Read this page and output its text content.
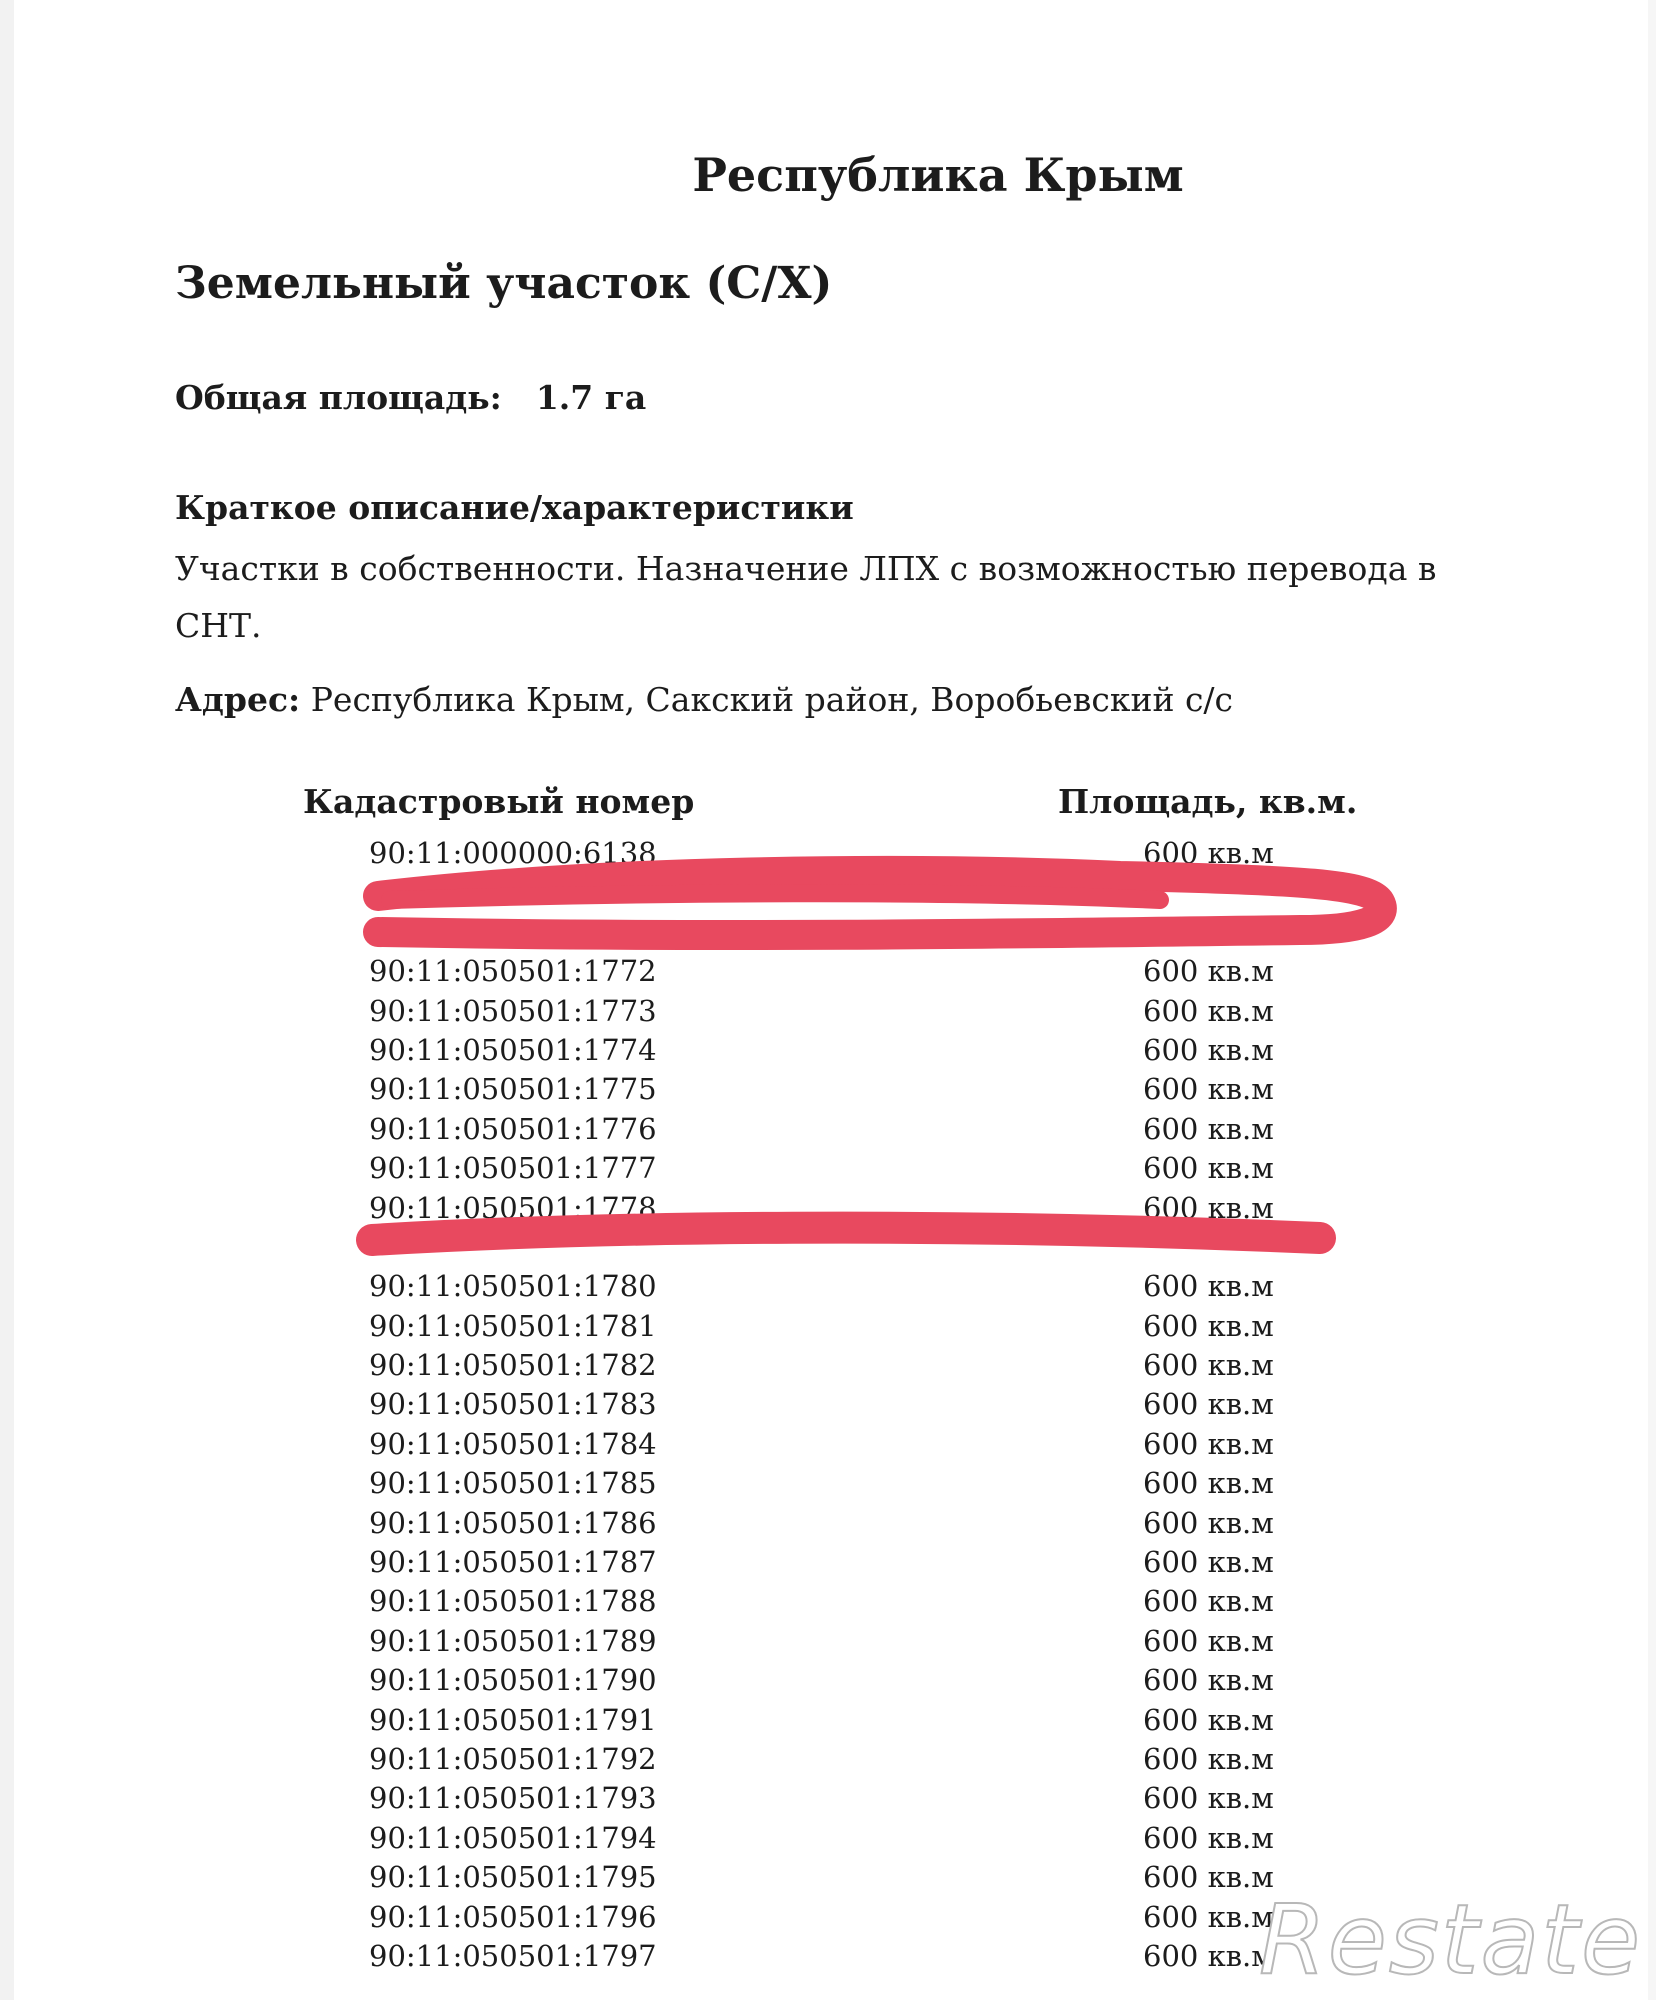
Республика Крым
Земельный участок (С/Х)
Общая площадь: 1.7 га
Краткое описание/характеристики
Участки в собственности. Назначение ЛПХ с возможностью перевода в СНТ.
Адрес: Республика Крым, Сакский район, Воробьевский с/с
Кадастровый номер	Площадь, кв.м.
90:11:000000:6138	600 кв.м
90:11:050501:1772	600 кв.м
90:11:050501:1773	600 кв.м
90:11:050501:1774	600 кв.м
90:11:050501:1775	600 кв.м
90:11:050501:1776	600 кв.м
90:11:050501:1777	600 кв.м
90:11:050501:1778	600 кв.м
90:11:050501:1780	600 кв.м
90:11:050501:1781	600 кв.м
90:11:050501:1782	600 кв.м
90:11:050501:1783	600 кв.м
90:11:050501:1784	600 кв.м
90:11:050501:1785	600 кв.м
90:11:050501:1786	600 кв.м
90:11:050501:1787	600 кв.м
90:11:050501:1788	600 кв.м
90:11:050501:1789	600 кв.м
90:11:050501:1790	600 кв.м
90:11:050501:1791	600 кв.м
90:11:050501:1792	600 кв.м
90:11:050501:1793	600 кв.м
90:11:050501:1794	600 кв.м
90:11:050501:1795	600 кв.м
90:11:050501:1796	600 кв.м
90:11:050501:1797	600 кв.м
Restate
